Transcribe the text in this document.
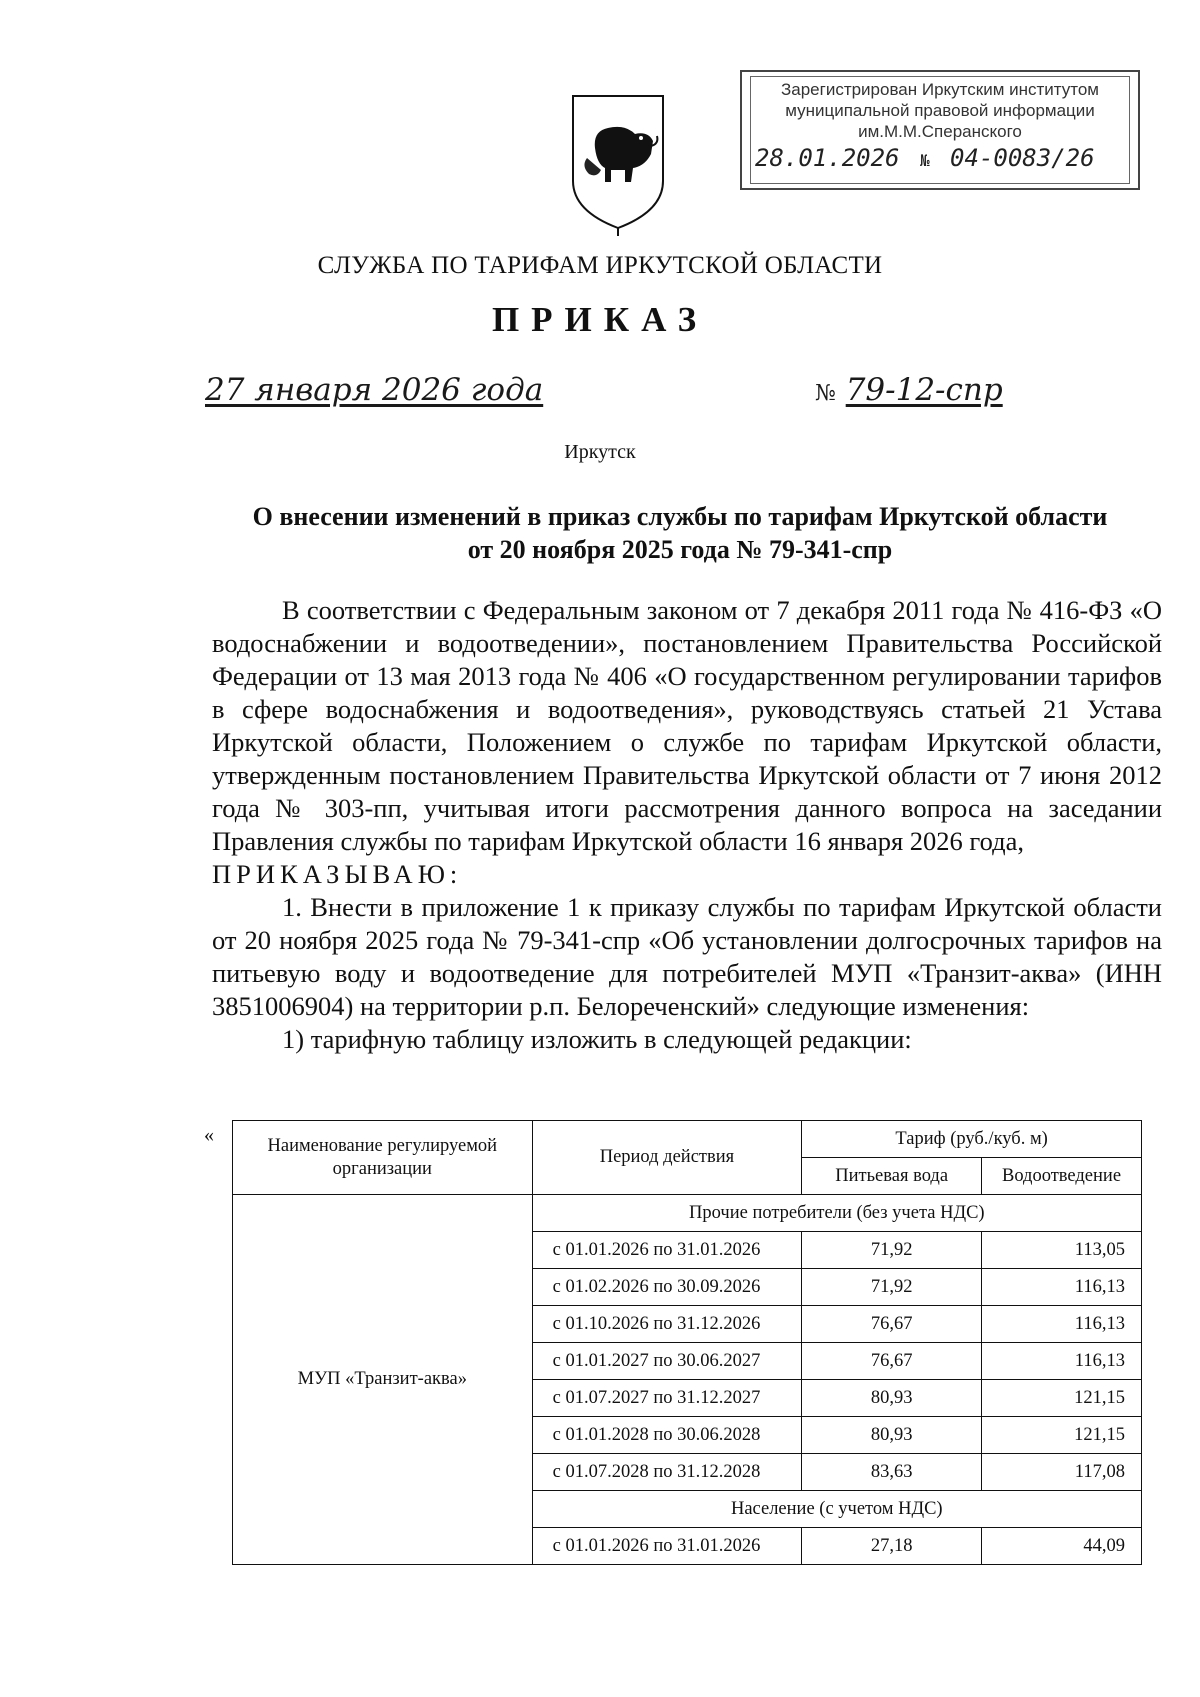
Зарегистрирован Иркутским институтом
муниципальной правовой информации
им.М.М.Сперанского
28.01.2026 № 04-0083/26
СЛУЖБА ПО ТАРИФАМ ИРКУТСКОЙ ОБЛАСТИ
ПРИКАЗ
27 января 2026 года	№ 79-12-спр
Иркутск
О внесении изменений в приказ службы по тарифам Иркутской области
от 20 ноября 2025 года № 79-341-спр

В соответствии с Федеральным законом от 7 декабря 2011 года № 416-ФЗ «О водоснабжении и водоотведении», постановлением Правительства Российской Федерации от 13 мая 2013 года № 406 «О государственном регулировании тарифов в сфере водоснабжения и водоотведения», руководствуясь статьей 21 Устава Иркутской области, Положением о службе по тарифам Иркутской области, утвержденным постановлением Правительства Иркутской области от 7 июня 2012 года № 303-пп, учитывая итоги рассмотрения данного вопроса на заседании Правления службы по тарифам Иркутской области 16 января 2026 года,

ПРИКАЗЫВАЮ:

1. Внести в приложение 1 к приказу службы по тарифам Иркутской области от 20 ноября 2025 года № 79-341-спр «Об установлении долгосрочных тарифов на питьевую воду и водоотведение для потребителей МУП «Транзит-аква» (ИНН 3851006904) на территории р.п. Белореченский» следующие изменения:

1) тарифную таблицу изложить в следующей редакции:

«	Наименование регулируемой организации	Период действия	Тариф (руб./куб. м)	
		Питьевая вода	Водоотведение
МУП «Транзит-аква»	Прочие потребители (без учета НДС)		
	с 01.01.2026 по 31.01.2026	71,92	113,05
	с 01.02.2026 по 30.09.2026	71,92	116,13
	с 01.10.2026 по 31.12.2026	76,67	116,13
	с 01.01.2027 по 30.06.2027	76,67	116,13
	с 01.07.2027 по 31.12.2027	80,93	121,15
	с 01.01.2028 по 30.06.2028	80,93	121,15
	с 01.07.2028 по 31.12.2028	83,63	117,08
	Население (с учетом НДС)		
	с 01.01.2026 по 31.01.2026	27,18	44,09
